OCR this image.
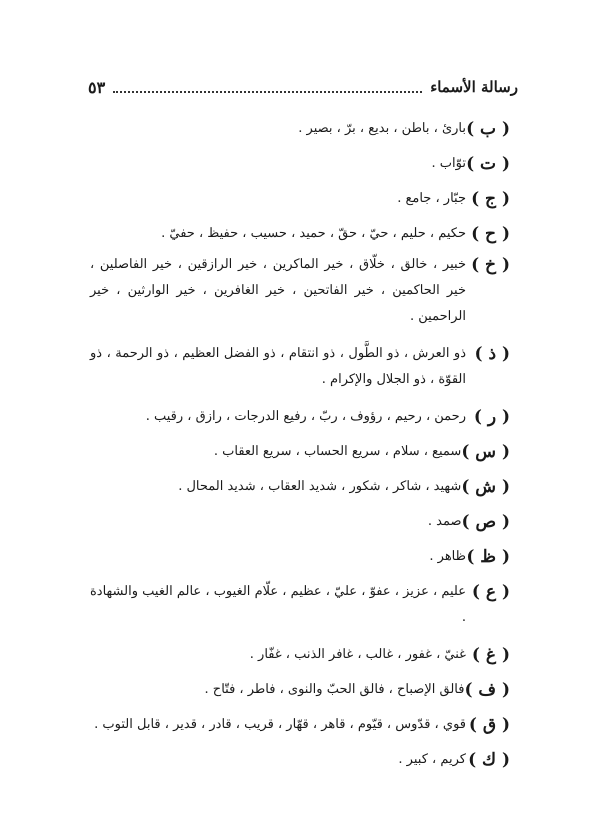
رسالة الأسماء
٥٣
( ب )
بارئ ، باطن ، بديع ، برّ ، بصير .
( ت )
توّاب .
( ج )
جبّار ، جامع .
( ح )
حكيم ، حليم ، حيّ ، حقّ ، حميد ، حسيب ، حفيظ ، حفيّ .
( خ )
خبير ، خالق ، خلّاق ، خير الماكرين ، خير الرازقين ، خير الفاصلين ، خير الحاكمين ، خير الفاتحين ، خير الغافرين ، خير الوارثين ، خير الراحمين .
( ذ )
ذو العرش ، ذو الطَّول ، ذو انتقام ، ذو الفضل العظيم ، ذو الرحمة ، ذو القوّة ، ذو الجلال والإكرام .
( ر )
رحمن ، رحيم ، رؤوف ، ربّ ، رفيع الدرجات ، رازق ، رقيب .
( س )
سميع ، سلام ، سريع الحساب ، سريع العقاب .
( ش )
شهيد ، شاكر ، شكور ، شديد العقاب ، شديد المحال .
( ص )
صمد .
( ظ )
ظاهر .
( ع )
عليم ، عزيز ، عفوّ ، عليّ ، عظيم ، علّام الغيوب ، عالم الغيب والشهادة .
( غ )
غنيّ ، غفور ، غالب ، غافر الذنب ، غفّار .
( ف )
فالق الإصباح ، فالق الحبّ والنوى ، فاطر ، فتّاح .
( ق )
قوي ، قدّوس ، قيّوم ، قاهر ، قهّار ، قريب ، قادر ، قدير ، قابل التوب .
( ك )
كريم ، كبير .
